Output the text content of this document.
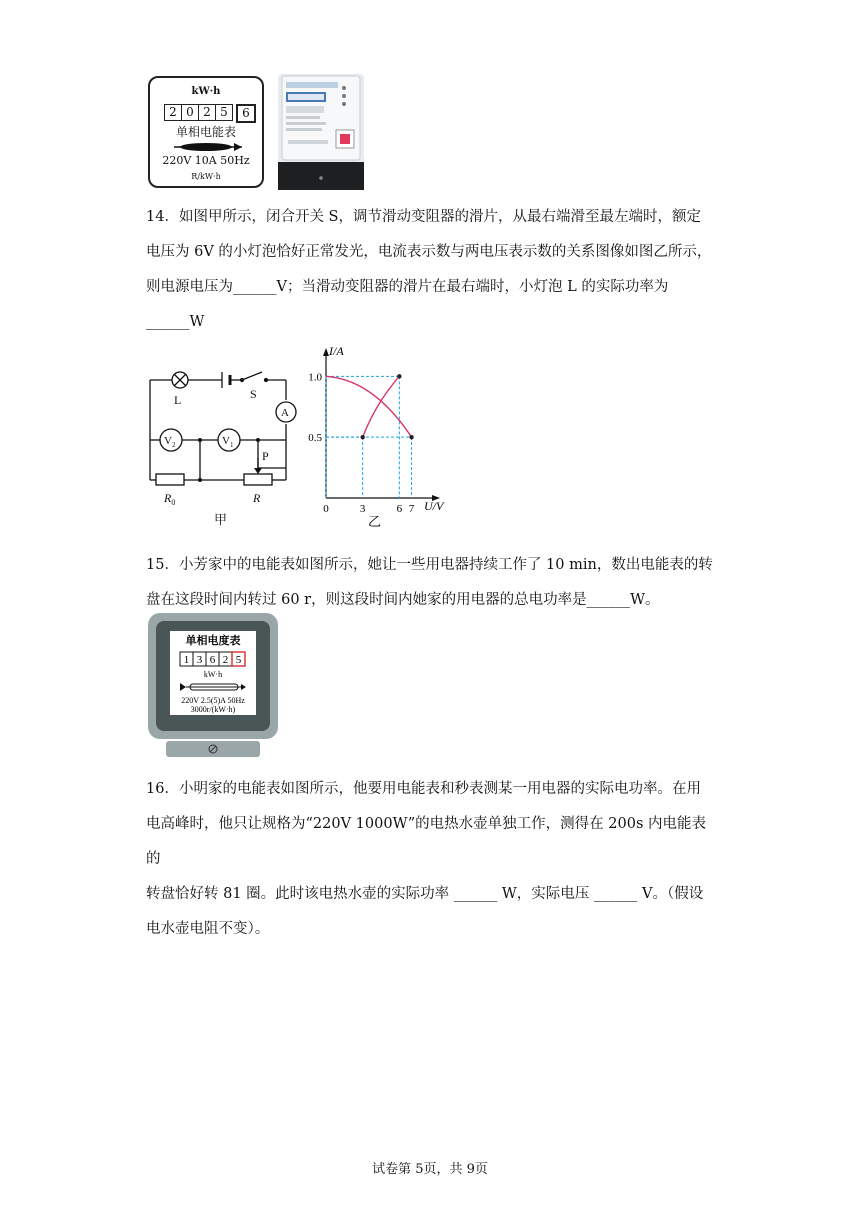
kW·h
2 0 2 5	6
单相电能表
220V 10A 50Hz
R/kW·h

14．如图甲所示，闭合开关 S，调节滑动变阻器的滑片，从最右端滑至最左端时，额定

电压为 6V 的小灯泡恰好正常发光，电流表示数与两电压表示数的关系图像如图乙所示，

则电源电压为______V；当滑动变阻器的滑片在最右端时，小灯泡 L 的实际功率为

______W

L	S
A
$V_2$	$V_1$
P
$R_0$	R
甲
I/A
U/V
乙
0	3	6 7
0.5
1.0

15．小芳家中的电能表如图所示，她让一些用电器持续工作了 10 min，数出电能表的转

盘在这段时间内转过 60 r，则这段时间内她家的用电器的总电功率是______W。

单相电度表
1 3 6 2 5
kW·h
220V 2.5(5)A 50Hz
3000r/(kW·h)

16．小明家的电能表如图所示，他要用电能表和秒表测某一用电器的实际电功率。在用

电高峰时，他只让规格为“220V 1000W”的电热水壶单独工作，测得在 200s 内电能表的

转盘恰好转 81 圈。此时该电热水壶的实际功率 ______ W，实际电压 ______ V。（假设

电水壶电阻不变）。

试卷第 5页，共 9页
